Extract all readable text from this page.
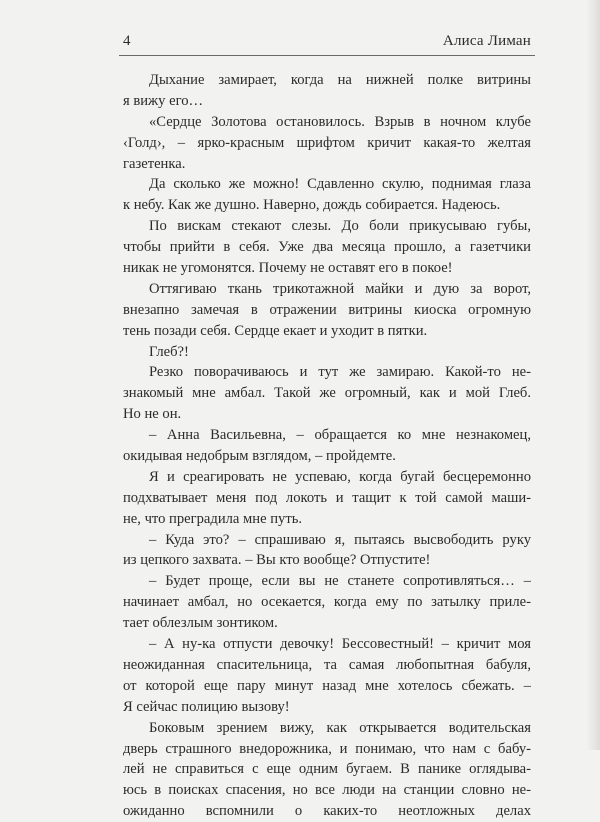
4	Алиса Лиман
Дыхание замирает, когда на нижней полке витрины
я вижу его…
«Сердце Золотова остановилось. Взрыв в ночном клубе
‹Голд›, – ярко-красным шрифтом кричит какая-то желтая
газетенка.
Да сколько же можно! Сдавленно скулю, поднимая глаза
к небу. Как же душно. Наверно, дождь собирается. Надеюсь.
По вискам стекают слезы. До боли прикусываю губы,
чтобы прийти в себя. Уже два месяца прошло, а газетчики
никак не угомонятся. Почему не оставят его в покое!
Оттягиваю ткань трикотажной майки и дую за ворот,
внезапно замечая в отражении витрины киоска огромную
тень позади себя. Сердце екает и уходит в пятки.
Глеб?!
Резко поворачиваюсь и тут же замираю. Какой-то не-
знакомый мне амбал. Такой же огромный, как и мой Глеб.
Но не он.
– Анна Васильевна, – обращается ко мне незнакомец,
окидывая недобрым взглядом, – пройдемте.
Я и среагировать не успеваю, когда бугай бесцеремонно
подхватывает меня под локоть и тащит к той самой маши-
не, что преградила мне путь.
– Куда это? – спрашиваю я, пытаясь высвободить руку
из цепкого захвата. – Вы кто вообще? Отпустите!
– Будет проще, если вы не станете сопротивляться… –
начинает амбал, но осекается, когда ему по затылку приле-
тает облезлым зонтиком.
– А ну-ка отпусти девочку! Бессовестный! – кричит моя
неожиданная спасительница, та самая любопытная бабуля,
от которой еще пару минут назад мне хотелось сбежать. –
Я сейчас полицию вызову!
Боковым зрением вижу, как открывается водительская
дверь страшного внедорожника, и понимаю, что нам с бабу-
лей не справиться с еще одним бугаем. В панике оглядыва-
юсь в поисках спасения, но все люди на станции словно не-
ожиданно вспомнили о каких-то неотложных делах
